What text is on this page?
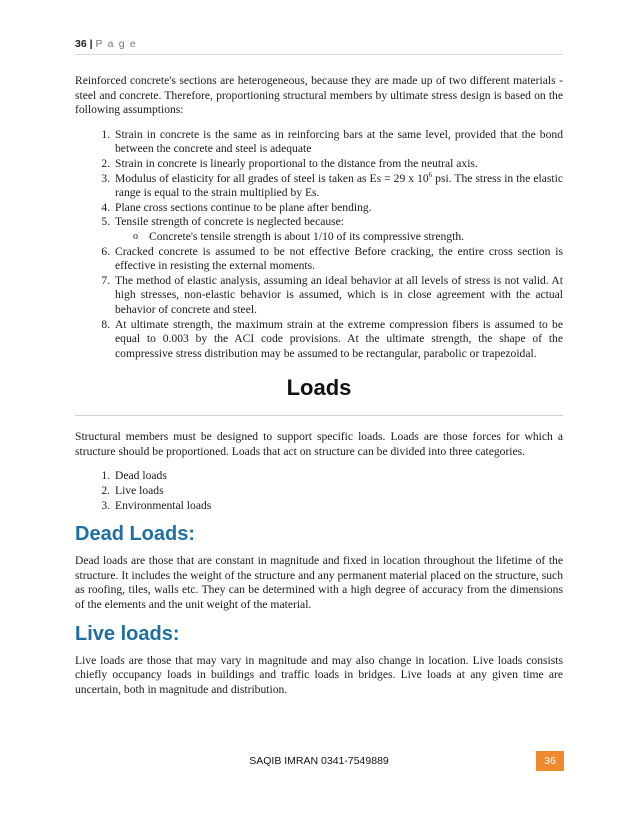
36 | P a g e

Reinforced concrete's sections are heterogeneous, because they are made up of two different materials - steel and concrete. Therefore, proportioning structural members by ultimate stress design is based on the following assumptions:

1. Strain in concrete is the same as in reinforcing bars at the same level, provided that the bond between the concrete and steel is adequate
2. Strain in concrete is linearly proportional to the distance from the neutral axis.
3. Modulus of elasticity for all grades of steel is taken as Es = 29 x $10^6$ psi. The stress in the elastic range is equal to the strain multiplied by Es.
4. Plane cross sections continue to be plane after bending.
5. Tensile strength of concrete is neglected because:
o Concrete's tensile strength is about 1/10 of its compressive strength.
6. Cracked concrete is assumed to be not effective Before cracking, the entire cross section is effective in resisting the external moments.
7. The method of elastic analysis, assuming an ideal behavior at all levels of stress is not valid. At high stresses, non-elastic behavior is assumed, which is in close agreement with the actual behavior of concrete and steel.
8. At ultimate strength, the maximum strain at the extreme compression fibers is assumed to be equal to 0.003 by the ACI code provisions. At the ultimate strength, the shape of the compressive stress distribution may be assumed to be rectangular, parabolic or trapezoidal.
Loads

Structural members must be designed to support specific loads. Loads are those forces for which a structure should be proportioned. Loads that act on structure can be divided into three categories.

1. Dead loads
2. Live loads
3. Environmental loads
Dead Loads:

Dead loads are those that are constant in magnitude and fixed in location throughout the lifetime of the structure. It includes the weight of the structure and any permanent material placed on the structure, such as roofing, tiles, walls etc. They can be determined with a high degree of accuracy from the dimensions of the elements and the unit weight of the material.

Live loads:

Live loads are those that may vary in magnitude and may also change in location. Live loads consists chiefly occupancy loads in buildings and traffic loads in bridges. Live loads at any given time are uncertain, both in magnitude and distribution.

SAQIB IMRAN 0341-7549889	36
